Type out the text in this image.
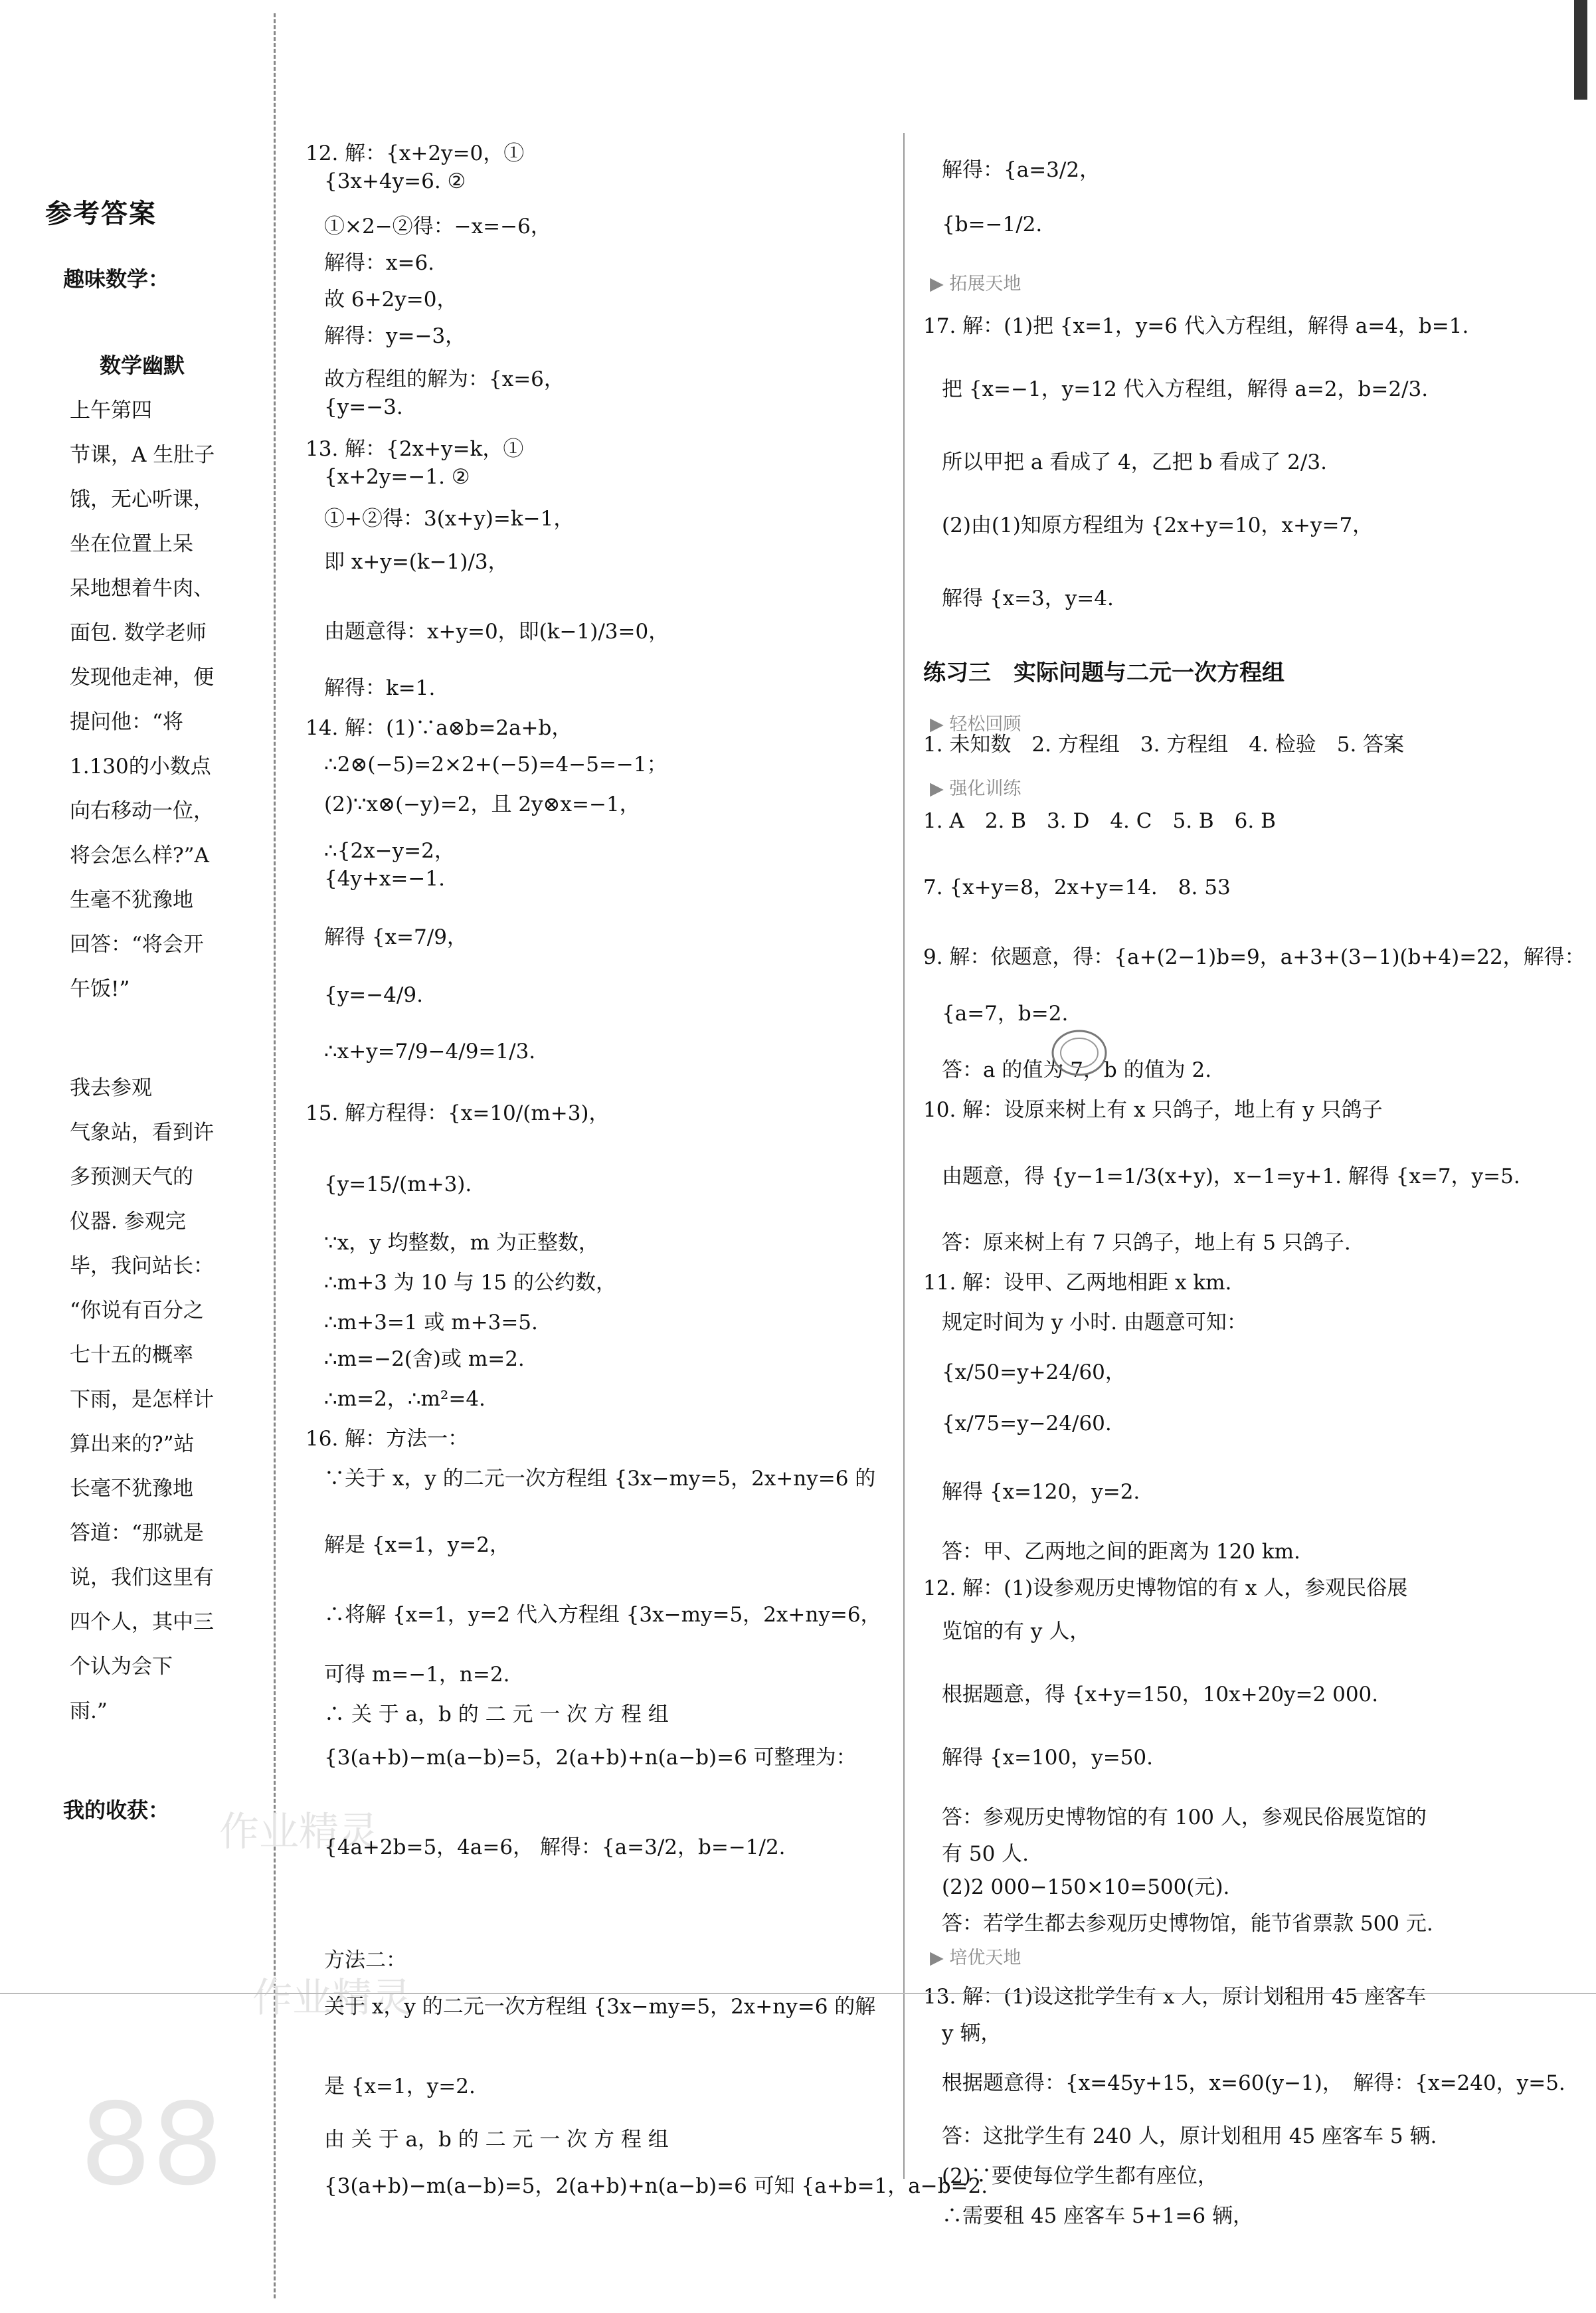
参考答案
趣味数学：
数学幽默
上午第四
节课，A 生肚子
饿，无心听课，
坐在位置上呆
呆地想着牛肉、
面包. 数学老师
发现他走神，便
提问他：“将
1.130的小数点
向右移动一位，
将会怎么样?”A
生毫不犹豫地
回答：“将会开
午饭!”
我去参观
气象站，看到许
多预测天气的
仪器. 参观完
毕，我问站长：
“你说有百分之
七十五的概率
下雨，是怎样计
算出来的?”站
长毫不犹豫地
答道：“那就是
说，我们这里有
四个人，其中三
个认为会下
雨.”
我的收获：
88
作业精灵
作业精灵
12. 解：{x+2y=0，①
{3x+4y=6. ②
①×2−②得：−x=−6，
解得：x=6.
故 6+2y=0，
解得：y=−3，
故方程组的解为：{x=6，
{y=−3.
13. 解：{2x+y=k，①
{x+2y=−1. ②
①+②得：3(x+y)=k−1，
即 x+y=(k−1)/3，
由题意得：x+y=0，即(k−1)/3=0，
解得：k=1.
14. 解：(1)∵a⊗b=2a+b，
∴2⊗(−5)=2×2+(−5)=4−5=−1；
(2)∵x⊗(−y)=2，且 2y⊗x=−1，
∴{2x−y=2，
{4y+x=−1.
解得 {x=7/9，
{y=−4/9.
∴x+y=7/9−4/9=1/3.
15. 解方程得：{x=10/(m+3)，
{y=15/(m+3).
∵x，y 均整数，m 为正整数，
∴m+3 为 10 与 15 的公约数，
∴m+3=1 或 m+3=5.
∴m=−2(舍)或 m=2.
∴m=2，∴m²=4.
16. 解：方法一：
∵关于 x，y 的二元一次方程组 {3x−my=5，2x+ny=6 的
解是 {x=1，y=2，
∴将解 {x=1，y=2 代入方程组 {3x−my=5，2x+ny=6，
可得 m=−1，n=2.
∴ 关 于 a，b 的 二 元 一 次 方 程 组
{3(a+b)−m(a−b)=5，2(a+b)+n(a−b)=6 可整理为：
{4a+2b=5，4a=6， 解得：{a=3/2，b=−1/2.
方法二：
关于 x，y 的二元一次方程组 {3x−my=5，2x+ny=6 的解
是 {x=1，y=2.
由 关 于 a，b 的 二 元 一 次 方 程 组
{3(a+b)−m(a−b)=5，2(a+b)+n(a−b)=6 可知 {a+b=1，a−b=2.
解得：{a=3/2，
{b=−1/2.
17. 解：(1)把 {x=1，y=6 代入方程组，解得 a=4，b=1.
把 {x=−1，y=12 代入方程组，解得 a=2，b=2/3.
所以甲把 a 看成了 4，乙把 b 看成了 2/3.
(2)由(1)知原方程组为 {2x+y=10，x+y=7，
解得 {x=3，y=4.
练习三　实际问题与二元一次方程组
1. 未知数　2. 方程组　3. 方程组　4. 检验　5. 答案
1. A　2. B　3. D　4. C　5. B　6. B
7. {x+y=8，2x+y=14.　8. 53
9. 解：依题意，得：{a+(2−1)b=9，a+3+(3−1)(b+4)=22，解得：
{a=7，b=2.
答：a 的值为 7，b 的值为 2.
10. 解：设原来树上有 x 只鸽子，地上有 y 只鸽子
由题意，得 {y−1=1/3(x+y)，x−1=y+1. 解得 {x=7，y=5.
答：原来树上有 7 只鸽子，地上有 5 只鸽子.
11. 解：设甲、乙两地相距 x km.
规定时间为 y 小时. 由题意可知：
{x/50=y+24/60，
{x/75=y−24/60.
解得 {x=120，y=2.
答：甲、乙两地之间的距离为 120 km.
12. 解：(1)设参观历史博物馆的有 x 人，参观民俗展
览馆的有 y 人，
根据题意，得 {x+y=150，10x+20y=2 000.
解得 {x=100，y=50.
答：参观历史博物馆的有 100 人，参观民俗展览馆的
有 50 人.
(2)2 000−150×10=500(元).
答：若学生都去参观历史博物馆，能节省票款 500 元.
13. 解：(1)设这批学生有 x 人，原计划租用 45 座客车
y 辆，
根据题意得：{x=45y+15，x=60(y−1)，　解得：{x=240，y=5.
答：这批学生有 240 人，原计划租用 45 座客车 5 辆.
(2)∵要使每位学生都有座位，
∴需要租 45 座客车 5+1=6 辆，
▶ 拓展天地
▶ 轻松回顾
▶ 强化训练
▶ 培优天地
